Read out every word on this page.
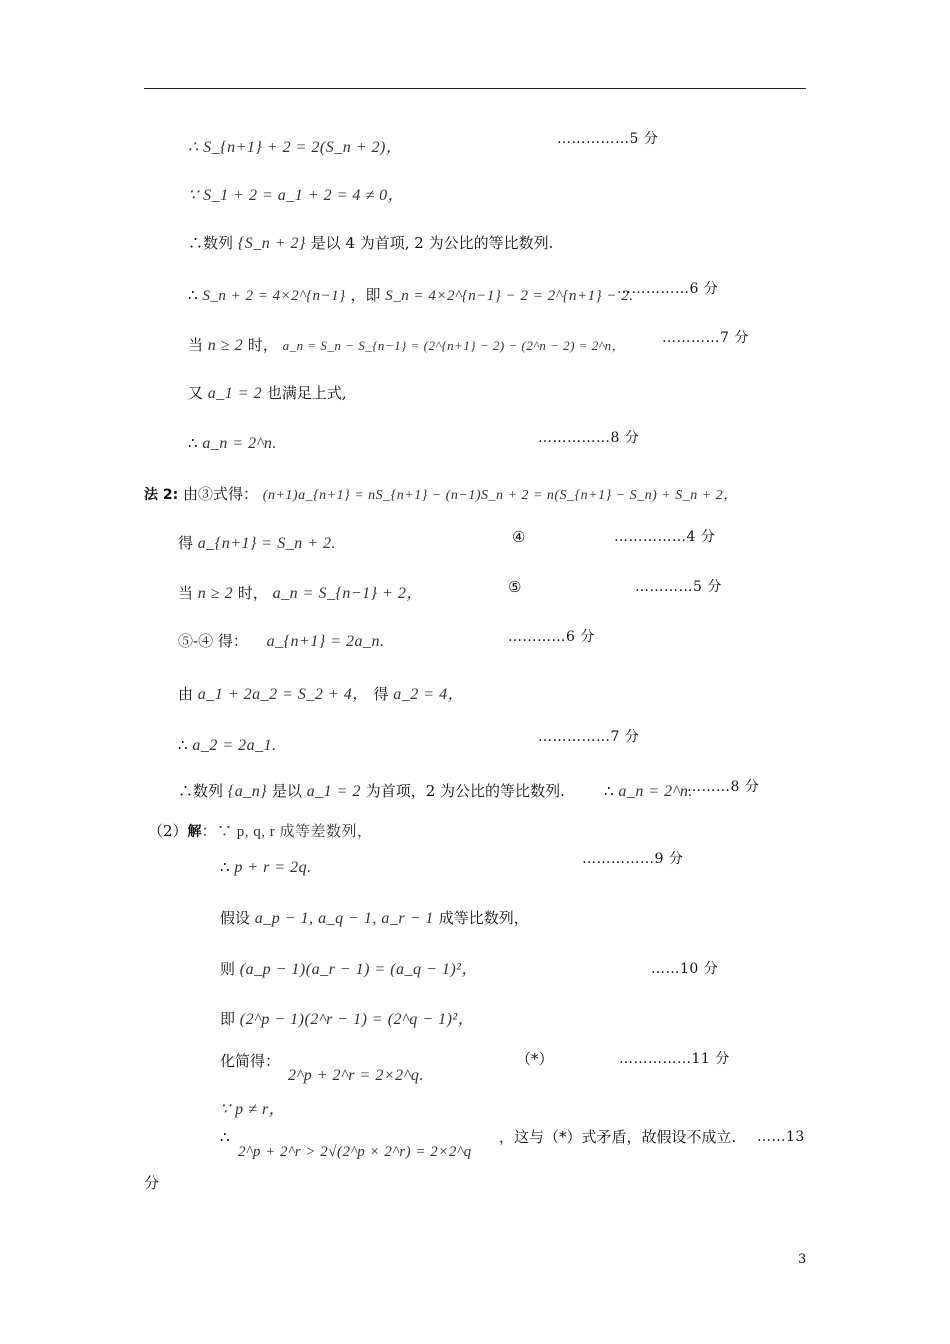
∴ S_{n+1} + 2 = 2(S_n + 2)，	……………5 分
∵ S_1 + 2 = a_1 + 2 = 4 ≠ 0，
∴数列 {S_n + 2} 是以 4 为首项, 2 为公比的等比数列.
∴ S_n + 2 = 4×2^{n−1} ，即 S_n = 4×2^{n−1} − 2 = 2^{n+1} − 2.
……………6 分
当 n ≥ 2 时， a_n = S_n − S_{n−1} = (2^{n+1} − 2) − (2^n − 2) = 2^n，	…………7 分
又 a_1 = 2 也满足上式,
∴ a_n = 2^n.	……………8 分
法 2: 由③式得： (n+1)a_{n+1} = nS_{n+1} − (n−1)S_n + 2 = n(S_{n+1} − S_n) + S_n + 2，
得 a_{n+1} = S_n + 2.	④	……………4 分
当 n ≥ 2 时， a_n = S_{n−1} + 2，	⑤	…………5 分
⑤-④ 得： a_{n+1} = 2a_n.	…………6 分
由 a_1 + 2a_2 = S_2 + 4， 得 a_2 = 4，
∴ a_2 = 2a_1.	……………7 分
∴数列 {a_n} 是以 a_1 = 2 为首项，2 为公比的等比数列.	∴ a_n = 2^n.
………8 分
（2）解：∵ p, q, r 成等差数列，
∴ p + r = 2q.	……………9 分
假设 a_p − 1, a_q − 1, a_r − 1 成等比数列，
则 (a_p − 1)(a_r − 1) = (a_q − 1)²，	……10 分
即 (2^p − 1)(2^r − 1) = (2^q − 1)²，
化简得：
2^p + 2^r = 2×2^q.
（*）	……………11 分
∵ p ≠ r，
∴
2^p + 2^r > 2√(2^p × 2^r) = 2×2^q
，这与（*）式矛盾，故假设不成立. ……13
分
3
